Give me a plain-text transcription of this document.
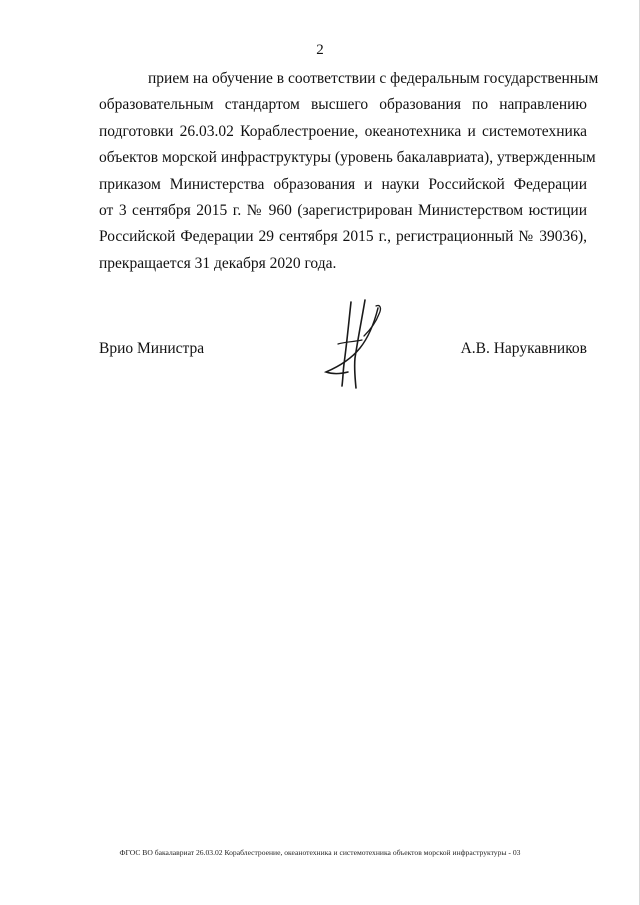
2
прием на обучение в соответствии с федеральным государственным
образовательным стандартом высшего образования по направлению
подготовки 26.03.02 Кораблестроение, океанотехника и системотехника
объектов морской инфраструктуры (уровень бакалавриата), утвержденным
приказом Министерства образования и науки Российской Федерации
от 3 сентября 2015 г. № 960 (зарегистрирован Министерством юстиции
Российской Федерации 29 сентября 2015 г., регистрационный № 39036),
прекращается 31 декабря 2020 года.
Врио Министра	А.В. Нарукавников
ФГОС ВО бакалавриат 26.03.02 Кораблестроение, океанотехника и системотехника объектов морской инфраструктуры - 03
